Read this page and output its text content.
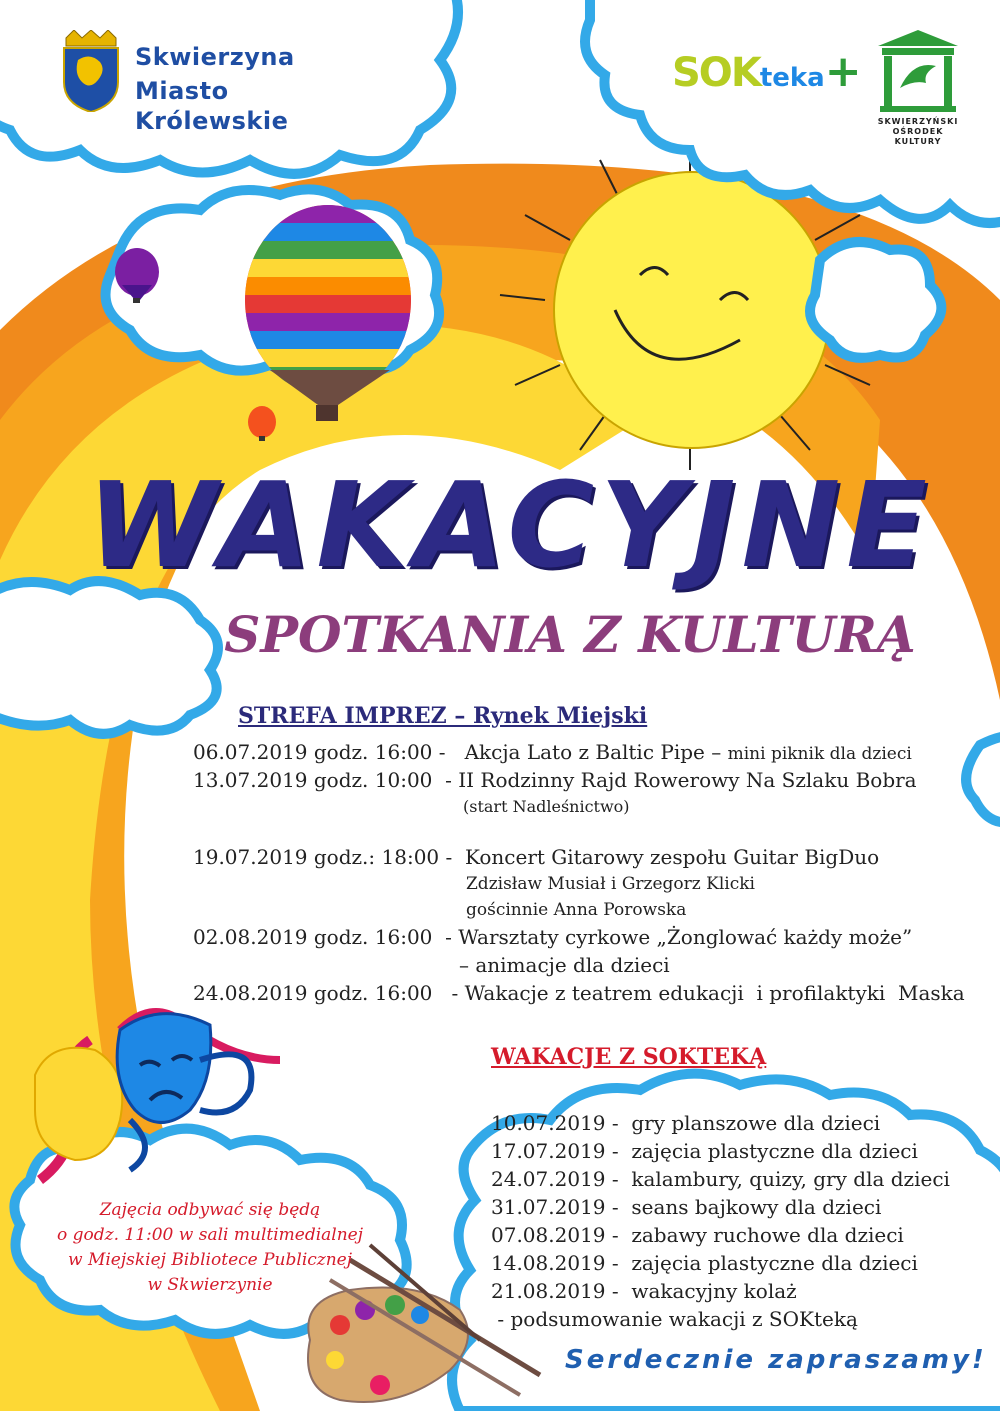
Skwierzyna
Miasto Królewskie
SOKteka+
SKWIERZYŃSKI
OŚRODEK KULTURY
WAKACYJNE
SPOTKANIA Z KULTURĄ
STREFA IMPREZ – Rynek Miejski
06.07.2019 godz. 16:00 -   Akcja Lato z Baltic Pipe – mini piknik dla dzieci
13.07.2019 godz. 10:00  - II Rodzinny Rajd Rowerowy Na Szlaku Bobra
(start Nadleśnictwo)
19.07.2019 godz.: 18:00 -  Koncert Gitarowy zespołu Guitar BigDuo
Zdzisław Musiał i Grzegorz Klicki
gościnnie Anna Porowska
02.08.2019 godz. 16:00  - Warsztaty cyrkowe „Żonglować każdy może”
– animacje dla dzieci
24.08.2019 godz. 16:00   - Wakacje z teatrem edukacji  i profilaktyki  Maska
WAKACJE Z SOKTEKĄ
10.07.2019 -  gry planszowe dla dzieci
17.07.2019 -  zajęcia plastyczne dla dzieci
24.07.2019 -  kalambury, quizy, gry dla dzieci
31.07.2019 -  seans bajkowy dla dzieci
07.08.2019 -  zabawy ruchowe dla dzieci
14.08.2019 -  zajęcia plastyczne dla dzieci
21.08.2019 -  wakacyjny kolaż
- podsumowanie wakacji z SOKteką
Zajęcia odbywać się będą
o godz. 11:00 w sali multimedialnej
w Miejskiej Bibliotece Publicznej
w Skwierzynie
Serdecznie zapraszamy!
